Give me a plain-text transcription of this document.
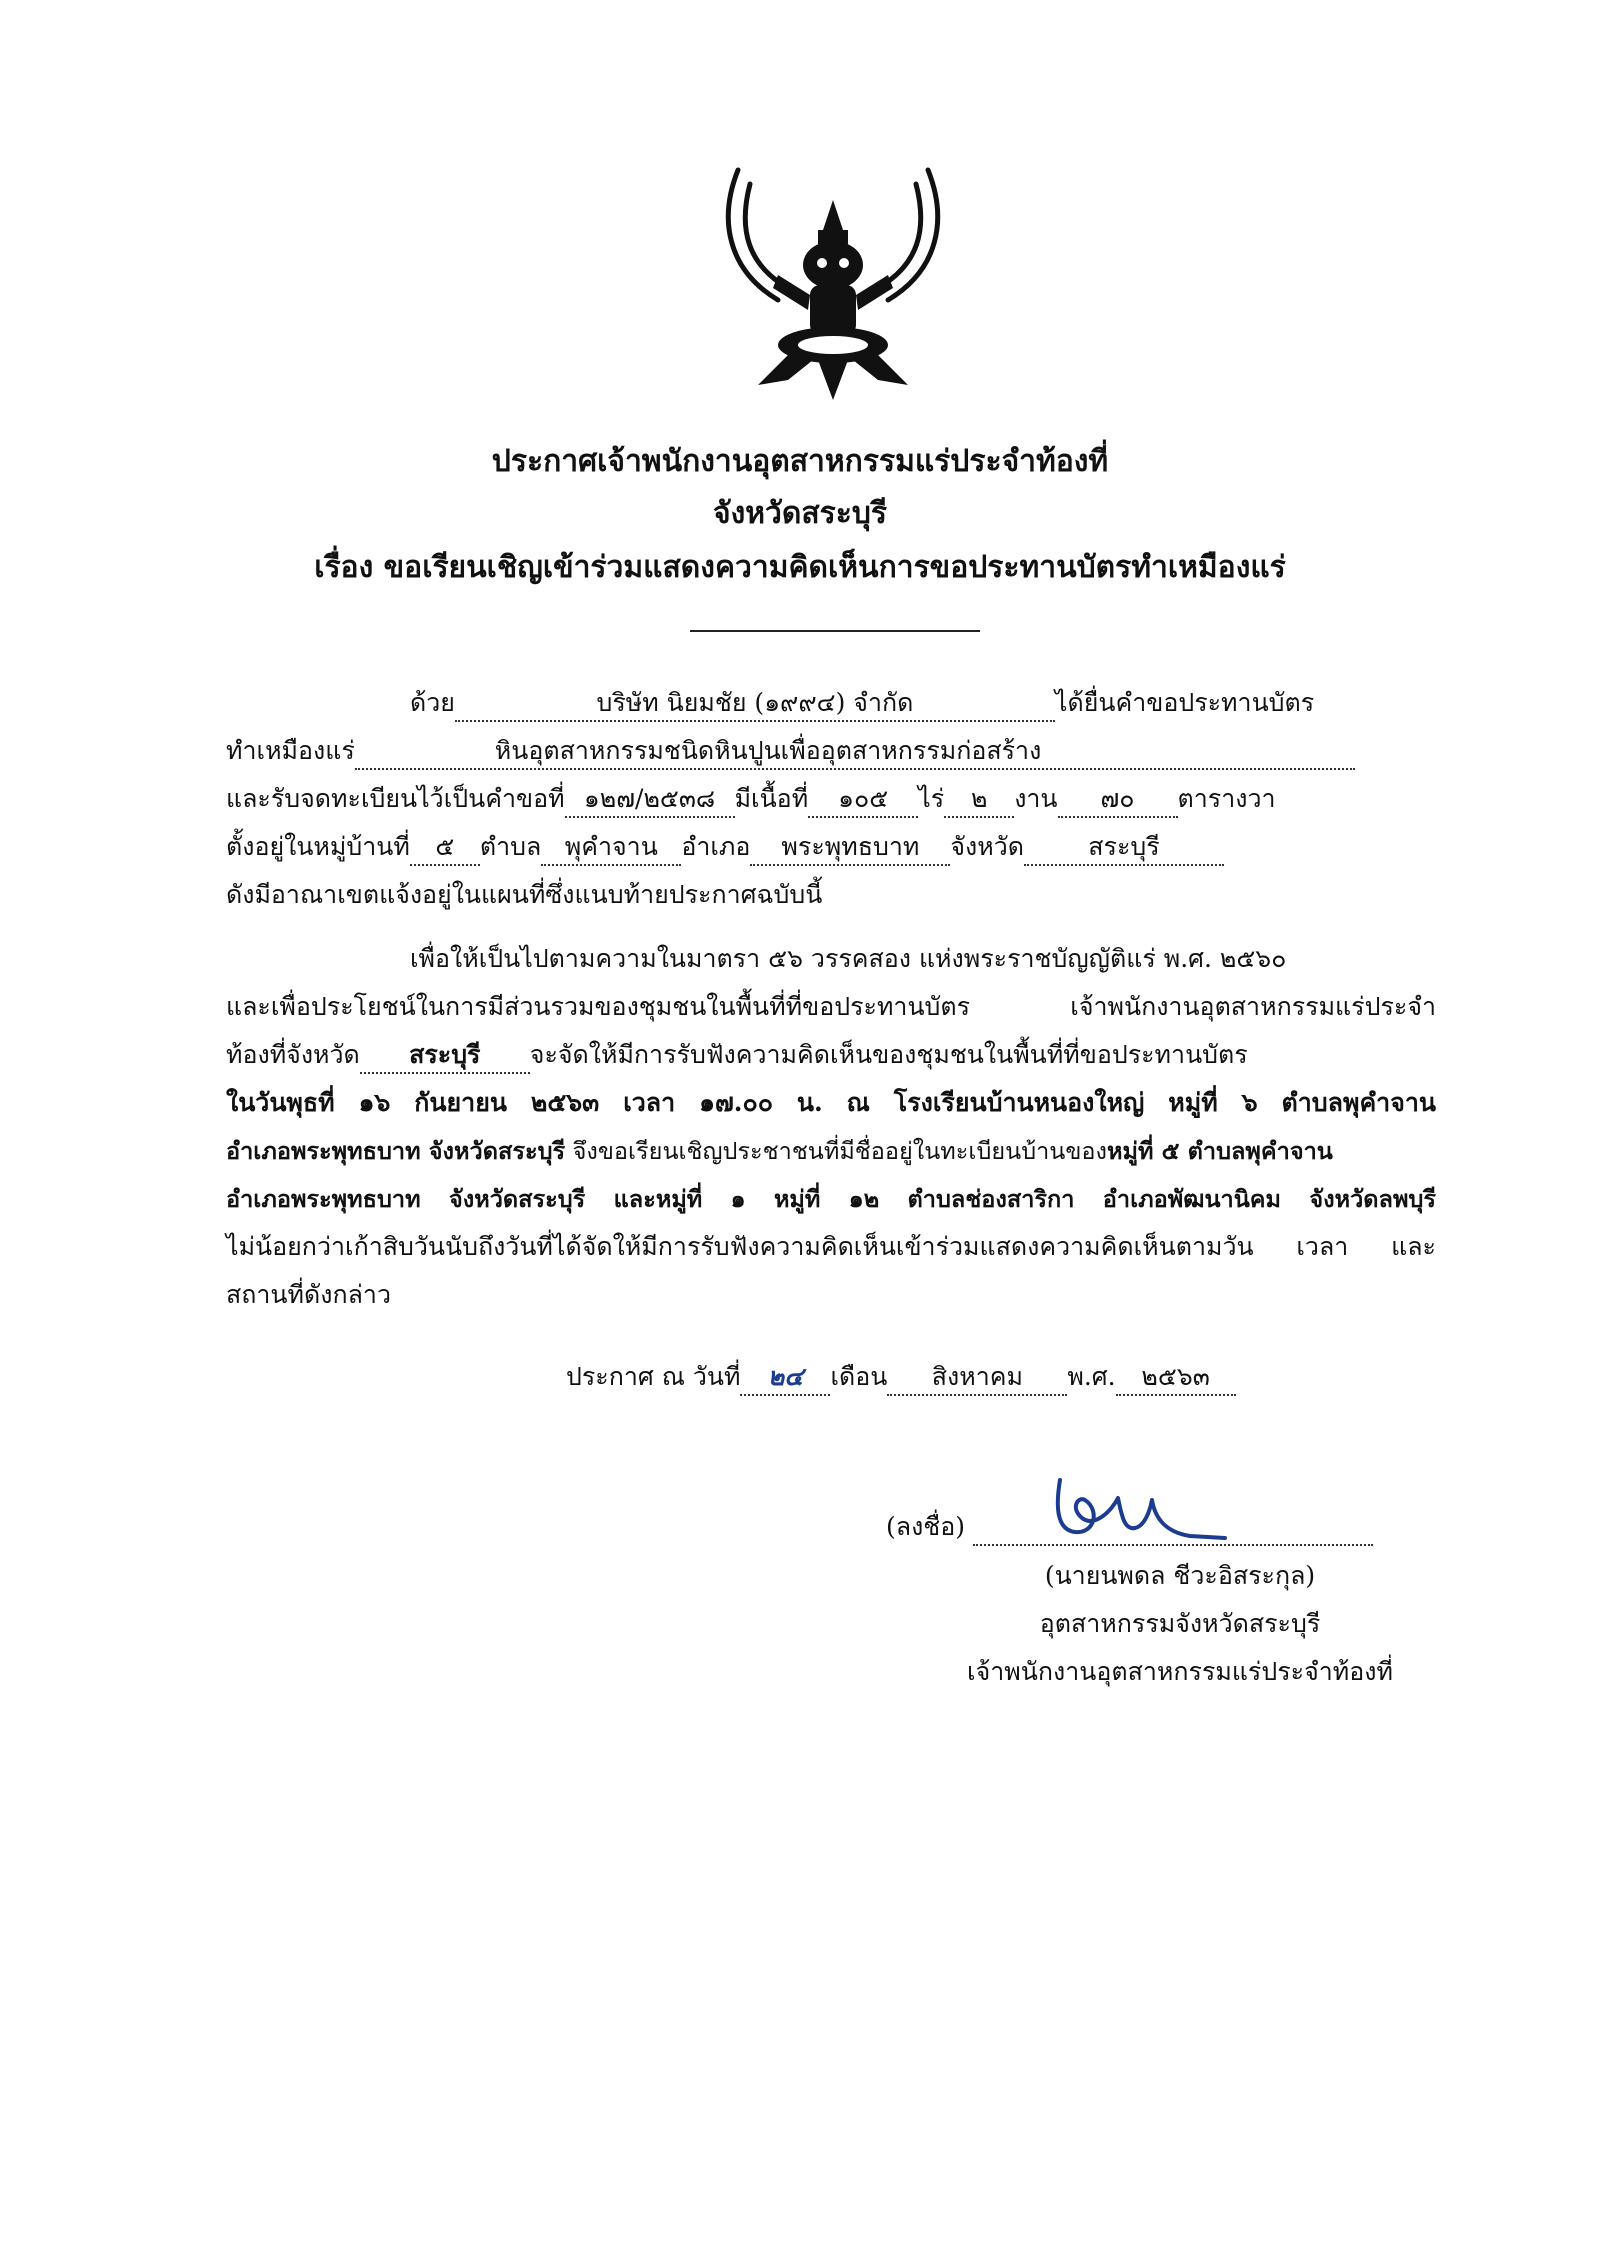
ประกาศเจ้าพนักงานอุตสาหกรรมแร่ประจำท้องที่
จังหวัดสระบุรี
เรื่อง ขอเรียนเชิญเข้าร่วมแสดงความคิดเห็นการขอประทานบัตรทำเหมืองแร่
ด้วย	บริษัท นิยมชัย (๑๙๙๔) จำกัด	ได้ยื่นคำขอประทานบัตร
ทำเหมืองแร่	หินอุตสาหกรรมชนิดหินปูนเพื่ออุตสาหกรรมก่อสร้าง
และรับจดทะเบียนไว้เป็นคำขอที่ ๑๒๗/๒๕๓๘ มีเนื้อที่ ๑๐๕ ไร่ ๒ งาน ๗๐ ตารางวา
ตั้งอยู่ในหมู่บ้านที่ ๕ ตำบล พุคำจาน อำเภอ พระพุทธบาท จังหวัด	สระบุรี
ดังมีอาณาเขตแจ้งอยู่ในแผนที่ซึ่งแนบท้ายประกาศฉบับนี้
เพื่อให้เป็นไปตามความในมาตรา ๕๖ วรรคสอง แห่งพระราชบัญญัติแร่ พ.ศ. ๒๕๖๐
และเพื่อประโยชน์ในการมีส่วนรวมของชุมชนในพื้นที่ที่ขอประทานบัตร เจ้าพนักงานอุตสาหกรรมแร่ประจำ
ท้องที่จังหวัด สระบุรี จะจัดให้มีการรับฟังความคิดเห็นของชุมชนในพื้นที่ที่ขอประทานบัตร
ในวันพุธที่ ๑๖ กันยายน ๒๕๖๓ เวลา ๑๗.๐๐ น. ณ โรงเรียนบ้านหนองใหญ่ หมู่ที่ ๖ ตำบลพุคำจาน
อำเภอพระพุทธบาท จังหวัดสระบุรี จึงขอเรียนเชิญประชาชนที่มีชื่ออยู่ในทะเบียนบ้านของหมู่ที่ ๕ ตำบลพุคำจาน
อำเภอพระพุทธบาท จังหวัดสระบุรี และหมู่ที่ ๑ หมู่ที่ ๑๒ ตำบลช่องสาริกา อำเภอพัฒนานิคม จังหวัดลพบุรี
ไม่น้อยกว่าเก้าสิบวันนับถึงวันที่ได้จัดให้มีการรับฟังความคิดเห็นเข้าร่วมแสดงความคิดเห็นตามวัน เวลา และ
สถานที่ดังกล่าว
ประกาศ ณ วันที่ ๒๔ เดือน สิงหาคม พ.ศ. ๒๕๖๓
(ลงชื่อ)
(นายนพดล ชีวะอิสระกุล)
อุตสาหกรรมจังหวัดสระบุรี
เจ้าพนักงานอุตสาหกรรมแร่ประจำท้องที่
